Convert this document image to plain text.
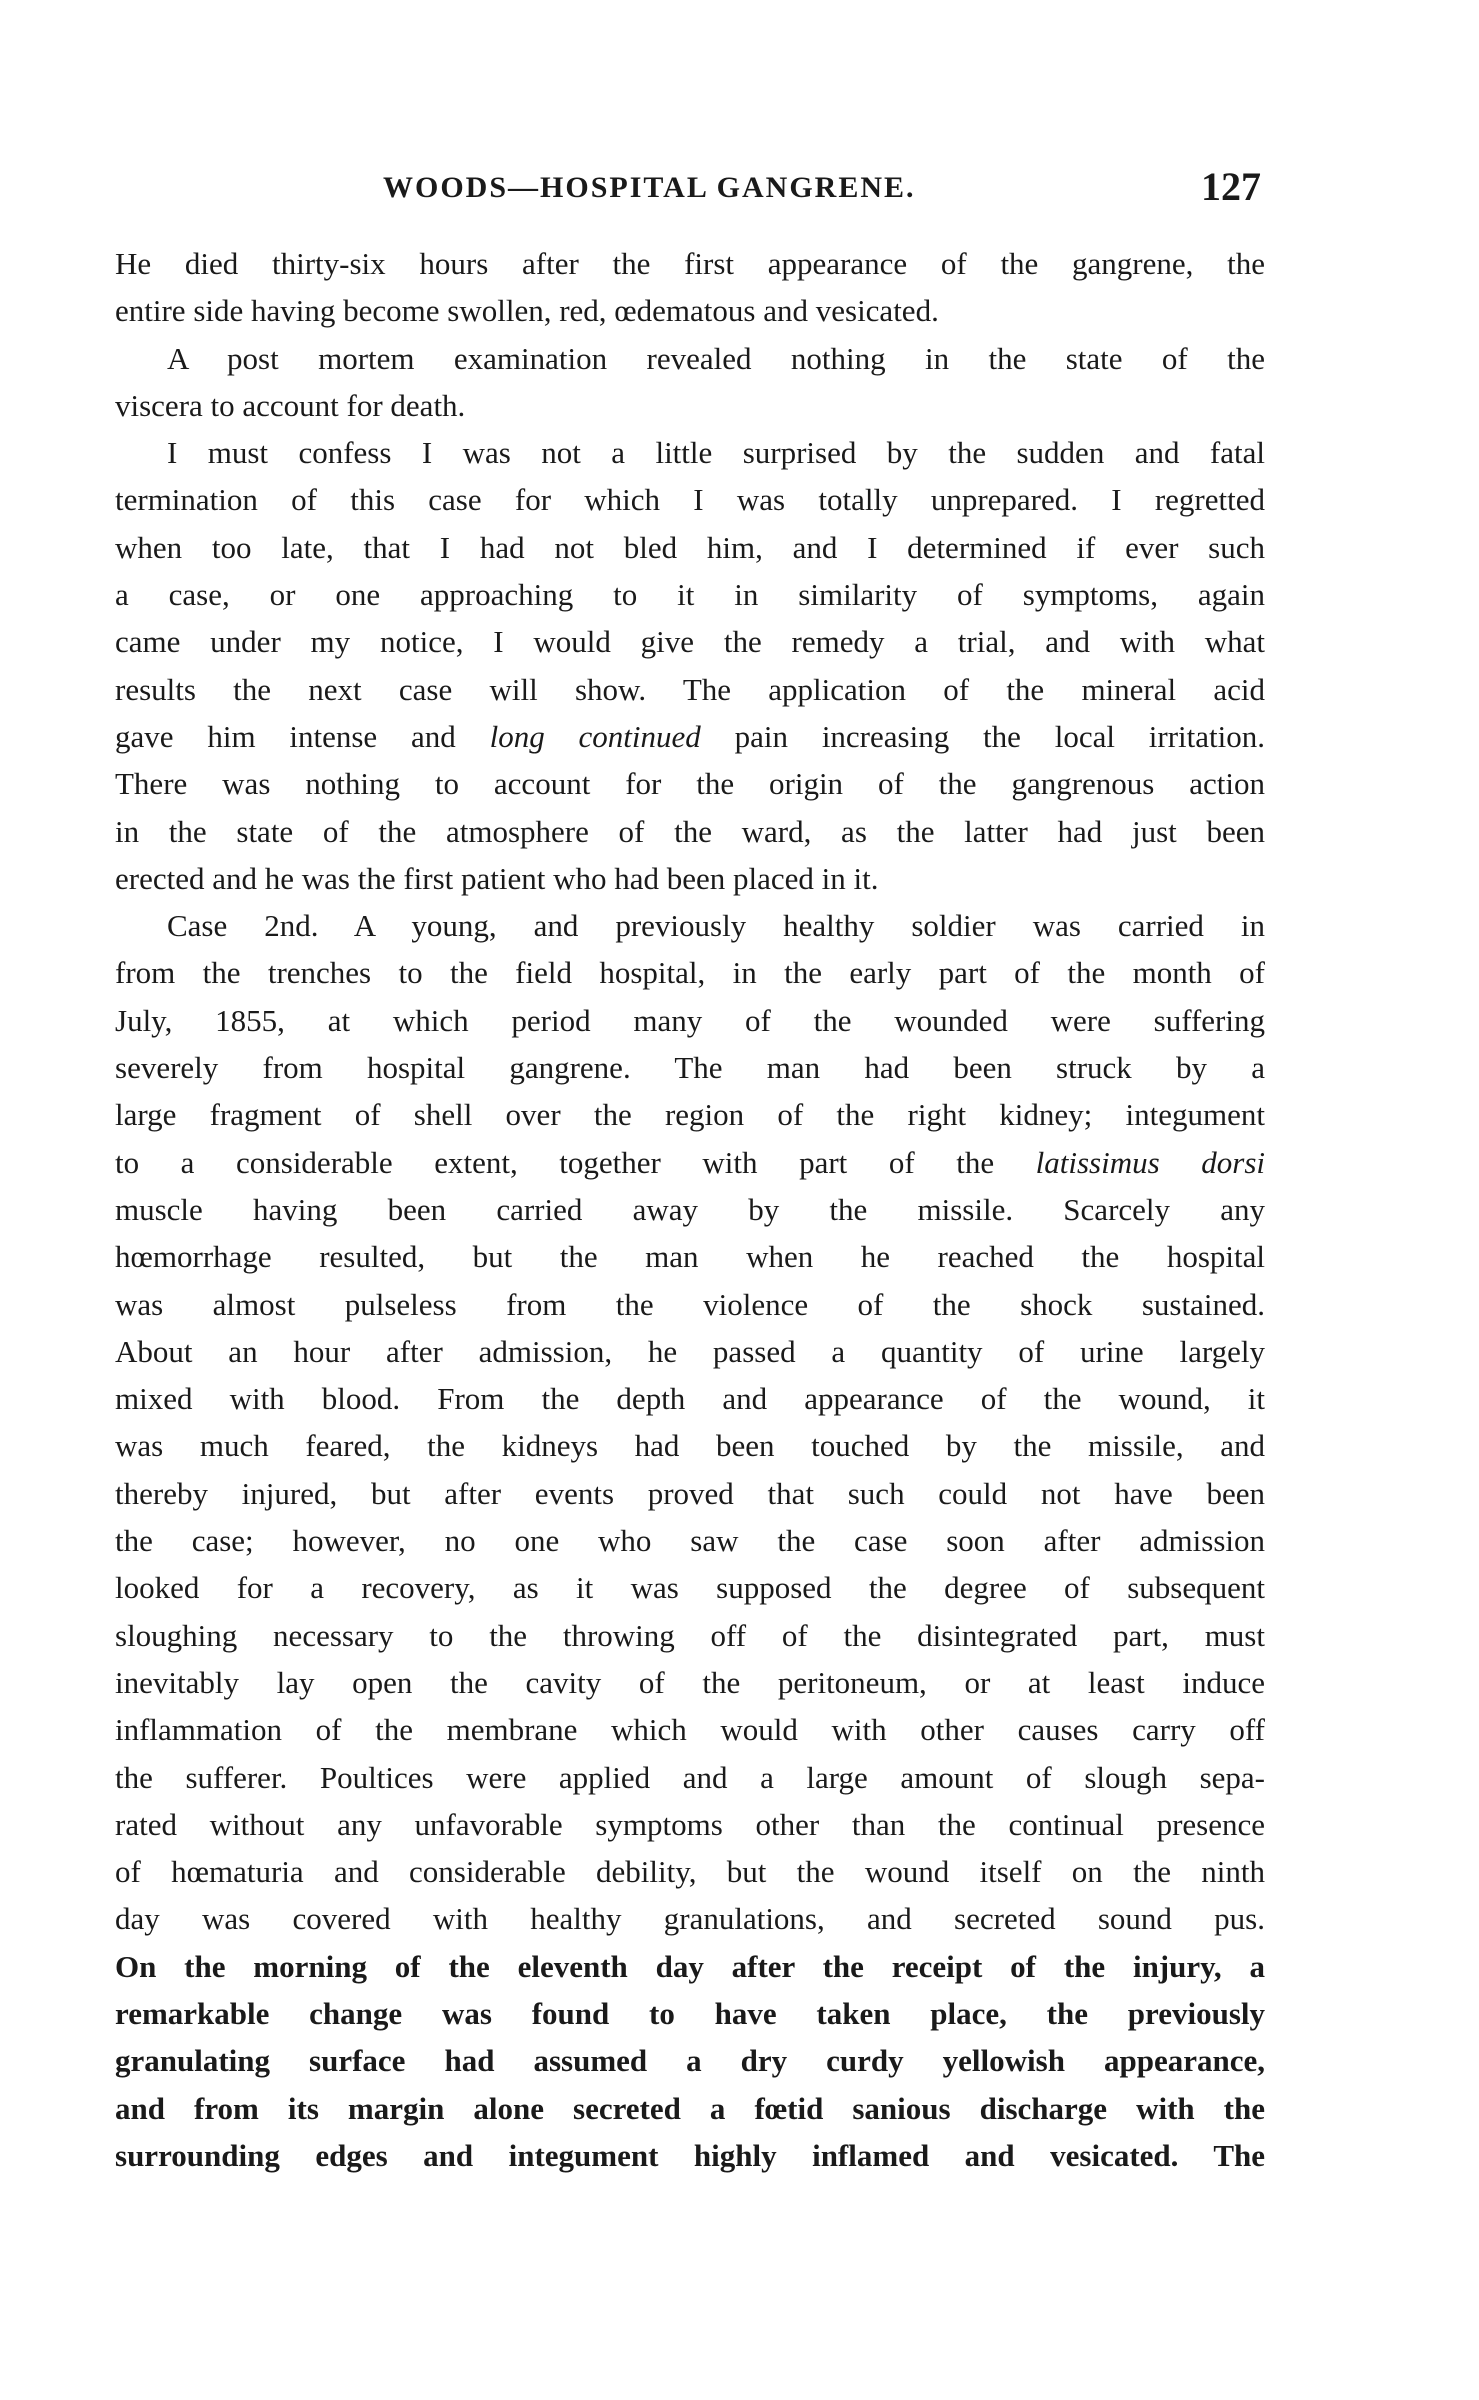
WOODS—HOSPITAL GANGRENE.	127
He died thirty-six hours after the first appearance of the gangrene, the
entire side having become swollen, red, œdematous and vesicated.
A post mortem examination revealed nothing in the state of the
viscera to account for death.
I must confess I was not a little surprised by the sudden and fatal
termination of this case for which I was totally unprepared. I regretted
when too late, that I had not bled him, and I determined if ever such
a case, or one approaching to it in similarity of symptoms, again
came under my notice, I would give the remedy a trial, and with what
results the next case will show. The application of the mineral acid
gave him intense and long continued pain increasing the local irritation.
There was nothing to account for the origin of the gangrenous action
in the state of the atmosphere of the ward, as the latter had just been
erected and he was the first patient who had been placed in it.
Case 2nd. A young, and previously healthy soldier was carried in
from the trenches to the field hospital, in the early part of the month of
July, 1855, at which period many of the wounded were suffering
severely from hospital gangrene. The man had been struck by a
large fragment of shell over the region of the right kidney; integument
to a considerable extent, together with part of the latissimus dorsi
muscle having been carried away by the missile. Scarcely any
hœmorrhage resulted, but the man when he reached the hospital
was almost pulseless from the violence of the shock sustained.
About an hour after admission, he passed a quantity of urine largely
mixed with blood. From the depth and appearance of the wound, it
was much feared, the kidneys had been touched by the missile, and
thereby injured, but after events proved that such could not have been
the case; however, no one who saw the case soon after admission
looked for a recovery, as it was supposed the degree of subsequent
sloughing necessary to the throwing off of the disintegrated part, must
inevitably lay open the cavity of the peritoneum, or at least induce
inflammation of the membrane which would with other causes carry off
the sufferer. Poultices were applied and a large amount of slough sepa-
rated without any unfavorable symptoms other than the continual presence
of hœmaturia and considerable debility, but the wound itself on the ninth
day was covered with healthy granulations, and secreted sound pus.
On the morning of the eleventh day after the receipt of the injury, a
remarkable change was found to have taken place, the previously
granulating surface had assumed a dry curdy yellowish appearance,
and from its margin alone secreted a fœtid sanious discharge with the
surrounding edges and integument highly inflamed and vesicated. The
